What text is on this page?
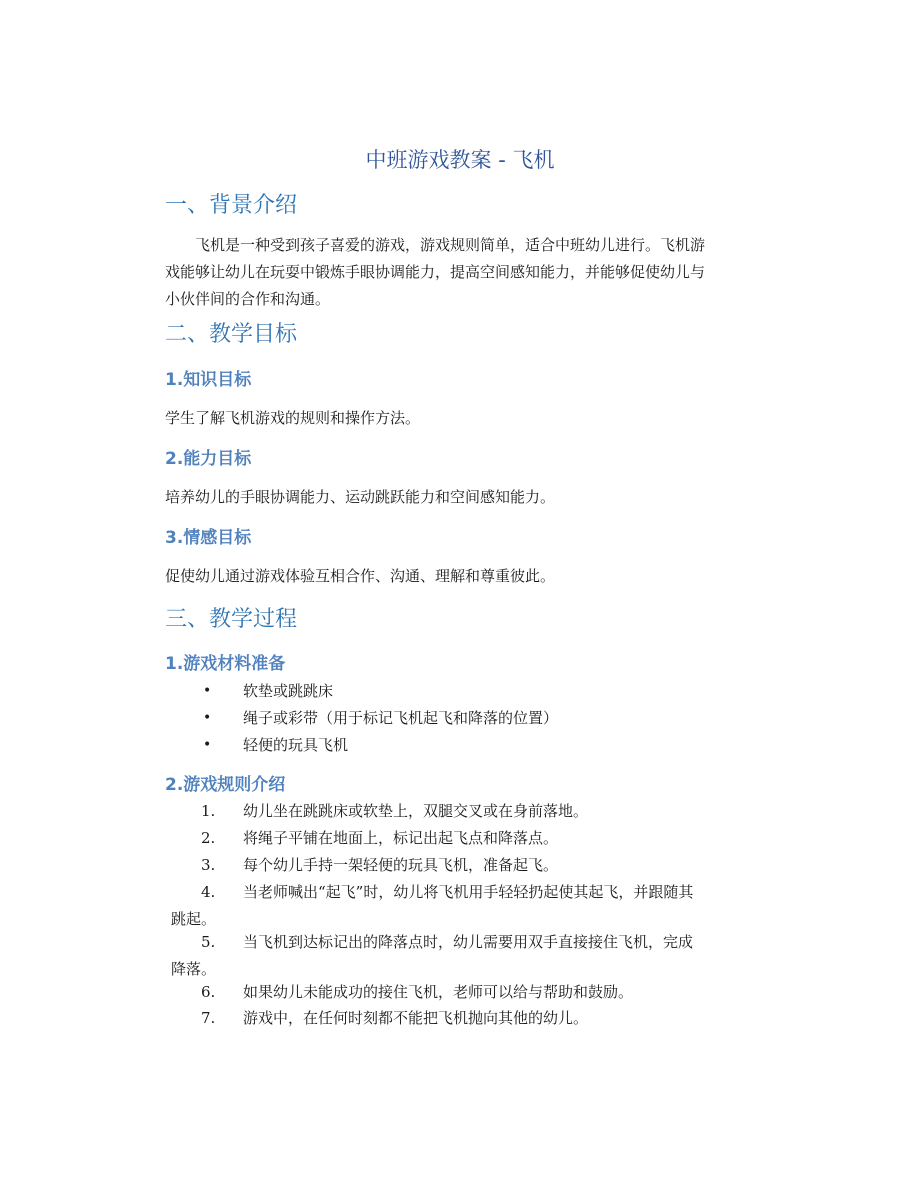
中班游戏教案 - 飞机
一、背景介绍
飞机是一种受到孩子喜爱的游戏，游戏规则简单，适合中班幼儿进行。飞机游
戏能够让幼儿在玩耍中锻炼手眼协调能力，提高空间感知能力，并能够促使幼儿与
小伙伴间的合作和沟通。
二、教学目标
1.知识目标

学生了解飞机游戏的规则和操作方法。

2.能力目标

培养幼儿的手眼协调能力、运动跳跃能力和空间感知能力。

3.情感目标

促使幼儿通过游戏体验互相合作、沟通、理解和尊重彼此。

三、教学过程
1.游戏材料准备
• 软垫或跳跳床
• 绳子或彩带（用于标记飞机起飞和降落的位置）
• 轻便的玩具飞机
2.游戏规则介绍
1.	幼儿坐在跳跳床或软垫上，双腿交叉或在身前落地。
2.	将绳子平铺在地面上，标记出起飞点和降落点。
3.	每个幼儿手持一架轻便的玩具飞机，准备起飞。
4.	当老师喊出“起飞”时，幼儿将飞机用手轻轻扔起使其起飞，并跟随其
跳起。
5.	当飞机到达标记出的降落点时，幼儿需要用双手直接接住飞机，完成
降落。
6.	如果幼儿未能成功的接住飞机，老师可以给与帮助和鼓励。
7.	游戏中，在任何时刻都不能把飞机抛向其他的幼儿。
